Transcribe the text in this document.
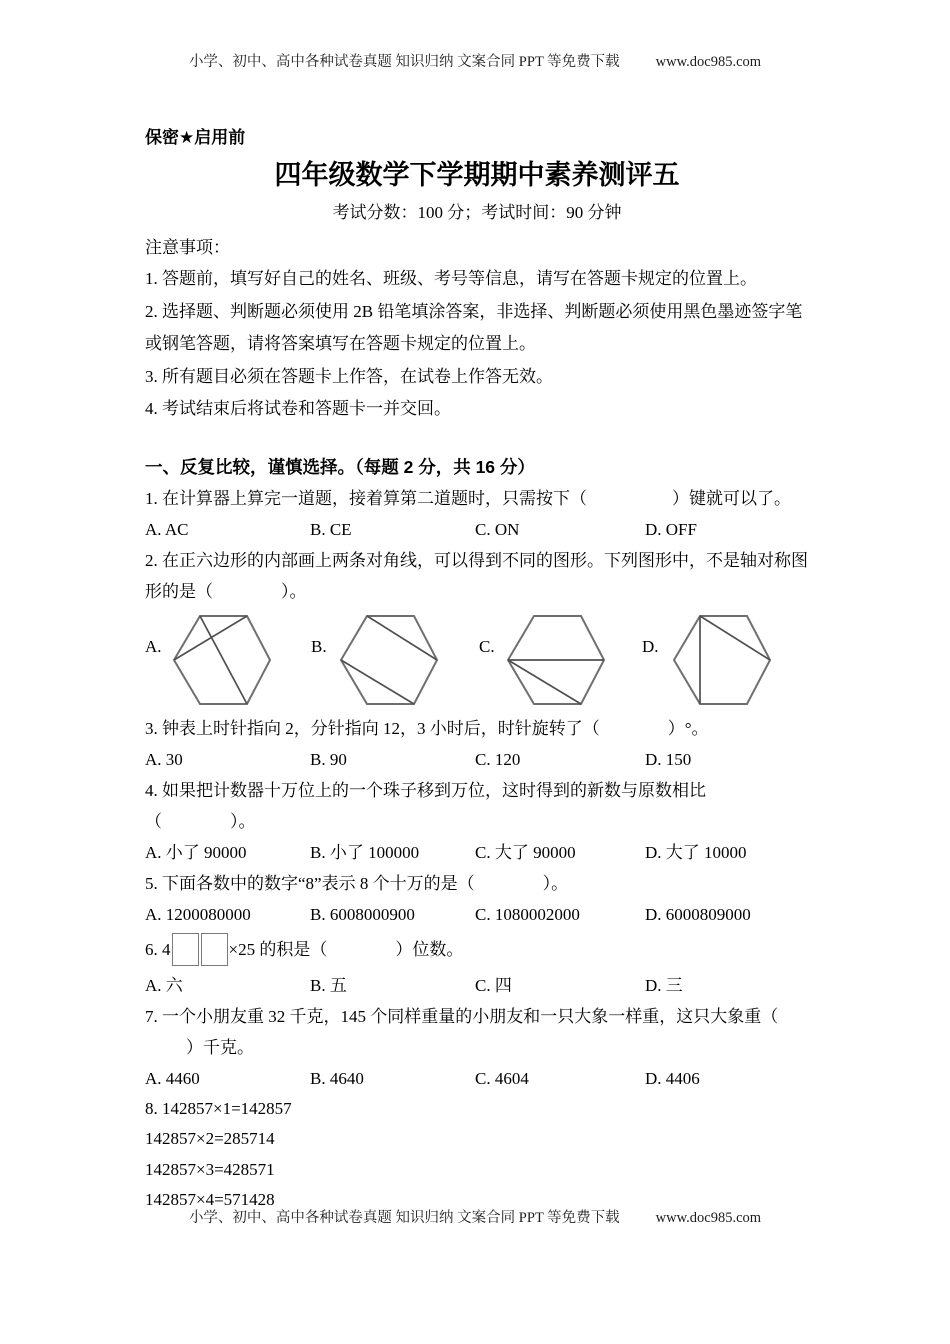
小学、初中、高中各种试卷真题 知识归纳 文案合同 PPT 等免费下载 www.doc985.com
保密★启用前
四年级数学下学期期中素养测评五
考试分数：100 分；考试时间：90 分钟
注意事项：
1. 答题前，填写好自己的姓名、班级、考号等信息，请写在答题卡规定的位置上。
2. 选择题、判断题必须使用 2B 铅笔填涂答案，非选择、判断题必须使用黑色墨迹签字笔
或钢笔答题，请将答案填写在答题卡规定的位置上。
3. 所有题目必须在答题卡上作答，在试卷上作答无效。
4. 考试结束后将试卷和答题卡一并交回。
一、反复比较，谨慎选择。（每题 2 分，共 16 分）
1. 在计算器上算完一道题，接着算第二道题时，只需按下（　　　　　）键就可以了。
A. AC	B. CE	C. ON	D. OFF
2. 在正六边形的内部画上两条对角线，可以得到不同的图形。下列图形中，不是轴对称图
形的是（　　　　）。
A.	B.	C.	D.
3. 钟表上时针指向 2，分针指向 12，3 小时后，时针旋转了（　　　　）°。
A. 30	B. 90	C. 120	D. 150
4. 如果把计数器十万位上的一个珠子移到万位，这时得到的新数与原数相比（　　　　）。
A. 小了 90000	B. 小了 100000	C. 大了 90000	D. 大了 10000
5. 下面各数中的数字“8”表示 8 个十万的是（　　　　）。
A. 1200080000	B. 6008000900	C. 1080002000	D. 6000809000
6. 4	×25 的积是（　　　　）位数。
A. 六	B. 五	C. 四	D. 三
7. 一个小朋友重 32 千克，145 个同样重量的小朋友和一只大象一样重，这只大象重（
　）千克。
A. 4460	B. 4640	C. 4604	D. 4406
8. 142857×1=142857
142857×2=285714
142857×3=428571
142857×4=571428
小学、初中、高中各种试卷真题 知识归纳 文案合同 PPT 等免费下载 www.doc985.com
